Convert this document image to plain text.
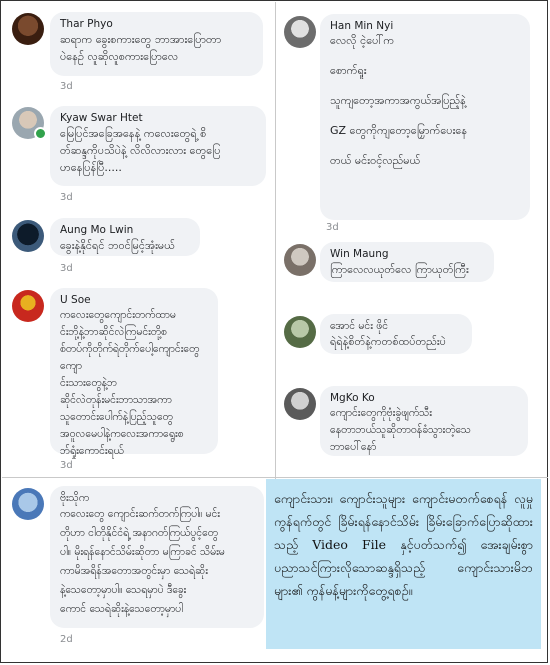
Thar Phyo
ဆရာက ခွေးစကားတွေ ဘာအားပြောတာ
ပဲနေဉ် လူဆိုလူစကားပြောလေ
3d
Kyaw Swar Htet
မြေပြင်အခြေအနေနဲ့ ကလေးတွေရဲ့ စိ
တ်ဆန္ဒကိုပသိပဲနဲ့ လိလိလားလား တွေပြေ
ဟနေပြန်ပြီ.....
3d
Aung Mo Lwin
ခွေးနဲ့နိုင်ရင် ဘဝင်မြင့်အုံးမယ်
3d
U Soe
ကလေးတွေကျောင်းတက်ထာမ
င်းဘို့နဲ့ဘာဆိုင်လဲကြမင်းတို့စ
စ်တပ်ကိုတိုက်ရဲတိုက်ပေါ့ကျောင်းတွေကျော
င်းသားတွေနဲ့ဘ
ဆိုင်လဲတုန်းမင်းဘာသာအကာ
သူတောင်းပေါက်နဲ့ပြည့်သူတွေ
အဝူလမေပါနဲ့ကလေးအကာရွေးစ
ဘ်ရှုံးကောင်းရယ်
3d
ဗိုးသိုက
ကလေးတွေ ကျောင်းဆက်တက်ကြပါ။ မင်း
တိုဟာ ငါတိုနိုင်ငံရဲ့ အနာဂတ်ကြယ်ပွင့်တွေ
ပါ။ မိုးရန်နောင်သိမ်းဆိုတာ မကြာခင် သိမ်းမ
ကာမိအရိန်အတောအတွင်းမှာ သေရဲဆိုး
နဲ့သေတော့မှာပါ။ သေရမှာပဲ ဒီခွေး
ကောင် သေရဲဆိုးနဲ့သေတော့မှာပါ
2d
Han Min Nyi
လေလို ငဲ့ပေါ်က

စောက်ရူး

သူကျတော့အကာအကွယ်အပြည့်နဲ့

GZ တွေကိုကျတော့မြှောက်ပေးနေ

တယ် မင်းဝင့်လည်မယ်
3d
Win Maung
ကြာလေလယုတ်လေ ကြာယုတ်ကြီး
အောင် မင်း ဖိုင်
ရဲရဲနဲ့စိတ်နဲ့ကတစ်ထပ်တည်းပဲ
MgKo Ko
ကျောင်းတွေကိုဗုံးခွဲဖျက်သီး
နေတာဘယ်သူဆိုတာဝန်ခံသွားတဲ့သေ
ဘာပေါ်နော်

ကျောင်းသား၊ ကျောင်းသူများ ကျောင်းမတက်စေရန် လူမှုကွန်ရက်တွင် ခြိမ်းရန်နောင်သိမ်း ခြိမ်းခြောက်ပြောဆိုထားသည့် Video File နှင့်ပတ်သက်၍ အေးချမ်းစွာပညာသင်ကြားလိုသောဆန္ဒရှိသည့် ကျောင်းသားမိဘများ၏ ကွန်မန့်များကိုတွေ့ရစဉ်။
